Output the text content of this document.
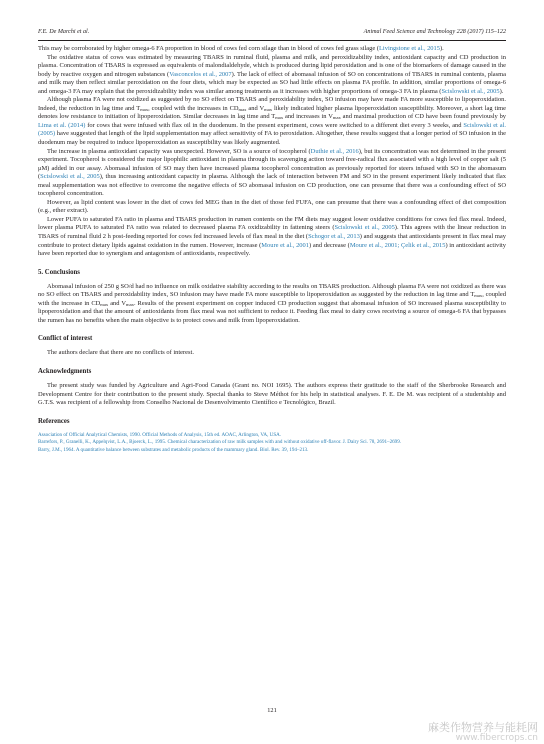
F.E. De Marchi et al.	Animal Feed Science and Technology 228 (2017) 115–122

This may be corroborated by higher omega-6 FA proportion in blood of cows fed corn silage than in blood of cows fed grass silage (Livingstone et al., 2015).

The oxidative status of cows was estimated by measuring TBARS in ruminal fluid, plasma and milk, and peroxidizability index, antioxidant capacity and CD production in plasma. Concentration of TBARS is expressed as equivalents of malondialdehyde, which is produced during lipid peroxidation and is one of the biomarkers of damage caused in the body by reactive oxygen and nitrogen substances (Vasconcelos et al., 2007). The lack of effect of abomasal infusion of SO on concentrations of TBARS in ruminal contents, plasma and milk may then reflect similar peroxidation on the four diets, which may be expected as SO had little effects on plasma FA profile. In addition, similar proportions of omega-6 and omega-3 FA may explain that the peroxidizability index was similar among treatments as it increases with higher proportions of omega-3 FA in plasma (Scislowski et al., 2005).

Although plasma FA were not oxidized as suggested by no SO effect on TBARS and peroxidability index, SO infusion may have made FA more susceptible to lipoperoxidation. Indeed, the reduction in lag time and $T_{max}$, coupled with the increases in $CD_{max}$ and $V_{max}$ likely indicated higher plasma lipoperoxidation susceptibility. Moreover, a short lag time denotes low resistance to initiation of lipoperoxidation. Similar decreases in lag time and $T_{max}$ and increases in $V_{max}$ and maximal production of CD have been found previously by Lima et al. (2014) for cows that were infused with flax oil in the duodenum. In the present experiment, cows were switched to a different diet every 3 weeks, and Scislowski et al. (2005) have suggested that length of the lipid supplementation may affect sensitivity of FA to peroxidation. Altogether, these results suggest that a longer period of SO infusion in the duodenum may be required to induce lipoperoxidation as susceptibility was likely augmented.

The increase in plasma antioxidant capacity was unexpected. However, SO is a source of tocopherol (Duthie et al., 2016), but its concentration was not determined in the present experiment. Tocopherol is considered the major lipophilic antioxidant in plasma through its scavenging action toward free-radical flux associated with a high level of copper salt (5 μM) added in our assay. Abomasal infusion of SO may then have increased plasma tocopherol concentration as previously reported for steers infused with SO in the abomasum (Scislowski et al., 2005), thus increasing antioxidant capacity in plasma. Although the lack of interaction between FM and SO in the present experiment likely indicated that flax meal supplementation was not effective to overcome the negative effects of SO abomasal infusion on CD production, one can presume that there was a confounding effect of SO tocopherol concentration.

However, as lipid content was lower in the diet of cows fed MEG than in the diet of those fed FUFA, one can presume that there was a confounding effect of diet composition (e.g., ether extract).

Lower PUFA to saturated FA ratio in plasma and TBARS production in rumen contents on the FM diets may suggest lower oxidative conditions for cows fed flax meal. Indeed, lower plasma PUFA to saturated FA ratio was related to decreased plasma FA oxidizability in fattening steers (Scislowski et al., 2005). This agrees with the linear reduction in TBARS of ruminal fluid 2 h post-feeding reported for cows fed increased levels of flax meal in the diet (Schogor et al., 2013) and suggests that antioxidants present in flax meal may contribute to protect dietary lipids against oxidation in the rumen. However, increase (Moure et al., 2001) and decrease (Moure et al., 2001; Çelik et al., 2015) in antioxidant activity have been reported due to synergism and antagonism of antioxidants, respectively.

5. Conclusions

Abomasal infusion of 250 g SO/d had no influence on milk oxidative stability according to the results on TBARS production. Although plasma FA were not oxidized as there was no SO effect on TBARS and peroxidability index, SO infusion may have made FA more susceptible to lipoperoxidation as suggested by the reduction in lag time and $T_{max}$, coupled with the increase in $CD_{max}$ and $V_{max}$. Results of the present experiment on copper induced CD production suggest that abomasal infusion of SO increased plasma susceptibility to lipoperoxidation and that the amount of antioxidants from flax meal was not sufficient to reduce it. Feeding flax meal to dairy cows receiving a source of omega-6 FA that bypasses the rumen has no benefits when the main objective is to protect cows and milk from lipoperoxidation.

Conflict of interest

The authors declare that there are no conflicts of interest.

Acknowledgments

The present study was funded by Agriculture and Agri-Food Canada (Grant no. NOI 1695). The authors express their gratitude to the staff of the Sherbrooke Research and Development Centre for their contribution to the present study. Special thanks to Steve Méthot for his help in statistical analyses. F. E. De M. was recipient of a studentship and G.T.S. was recipient of a fellowship from Conselho Nacional de Desenvolvimento Científico e Tecnológico, Brazil.

References

Association of Official Analytical Chemists, 1990. Official Methods of Analysis, 15th ed. AOAC, Arlington, VA, USA.

Barrefors, P., Granelli, K., Appelqvist, L.A., Bjoerck, L., 1995. Chemical characterization of raw milk samples with and without oxidative off-flavor. J. Dairy Sci. 78, 2691–2699.

Barry, J.M., 1964. A quantitative balance between substrates and metabolic products of the mammary gland. Biol. Rev. 39, 194–213.

121
麻类作物营养与能耗网
www.fibercrops.cn
